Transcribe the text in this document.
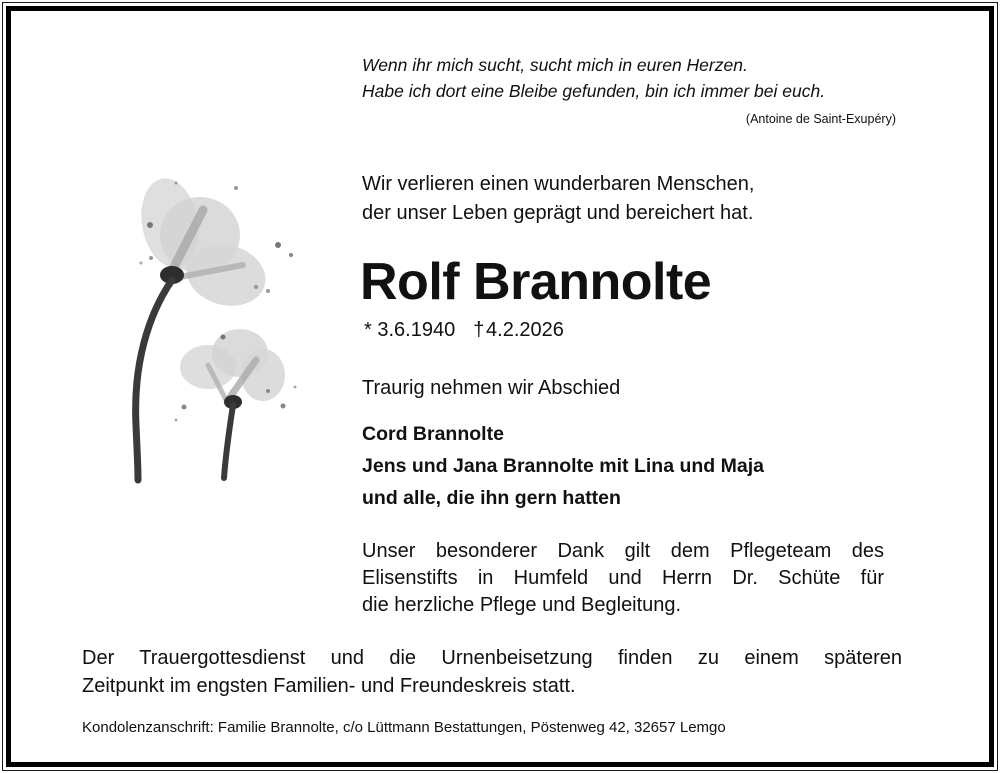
Wenn ihr mich sucht, sucht mich in euren Herzen.
Habe ich dort eine Bleibe gefunden, bin ich immer bei euch.
(Antoine de Saint-Exupéry)
Wir verlieren einen wunderbaren Menschen,
der unser Leben geprägt und bereichert hat.
Rolf Brannolte
* 3.6.1940 † 4.2.2026
Traurig nehmen wir Abschied
Cord Brannolte
Jens und Jana Brannolte mit Lina und Maja
und alle, die ihn gern hatten
Unser besonderer Dank gilt dem Pflegeteam des
Elisenstifts in Humfeld und Herrn Dr. Schüte für
die herzliche Pflege und Begleitung.
Der Trauergottesdienst und die Urnenbeisetzung finden zu einem späteren
Zeitpunkt im engsten Familien- und Freundeskreis statt.
Kondolenzanschrift: Familie Brannolte, c/o Lüttmann Bestattungen, Pöstenweg 42, 32657 Lemgo
